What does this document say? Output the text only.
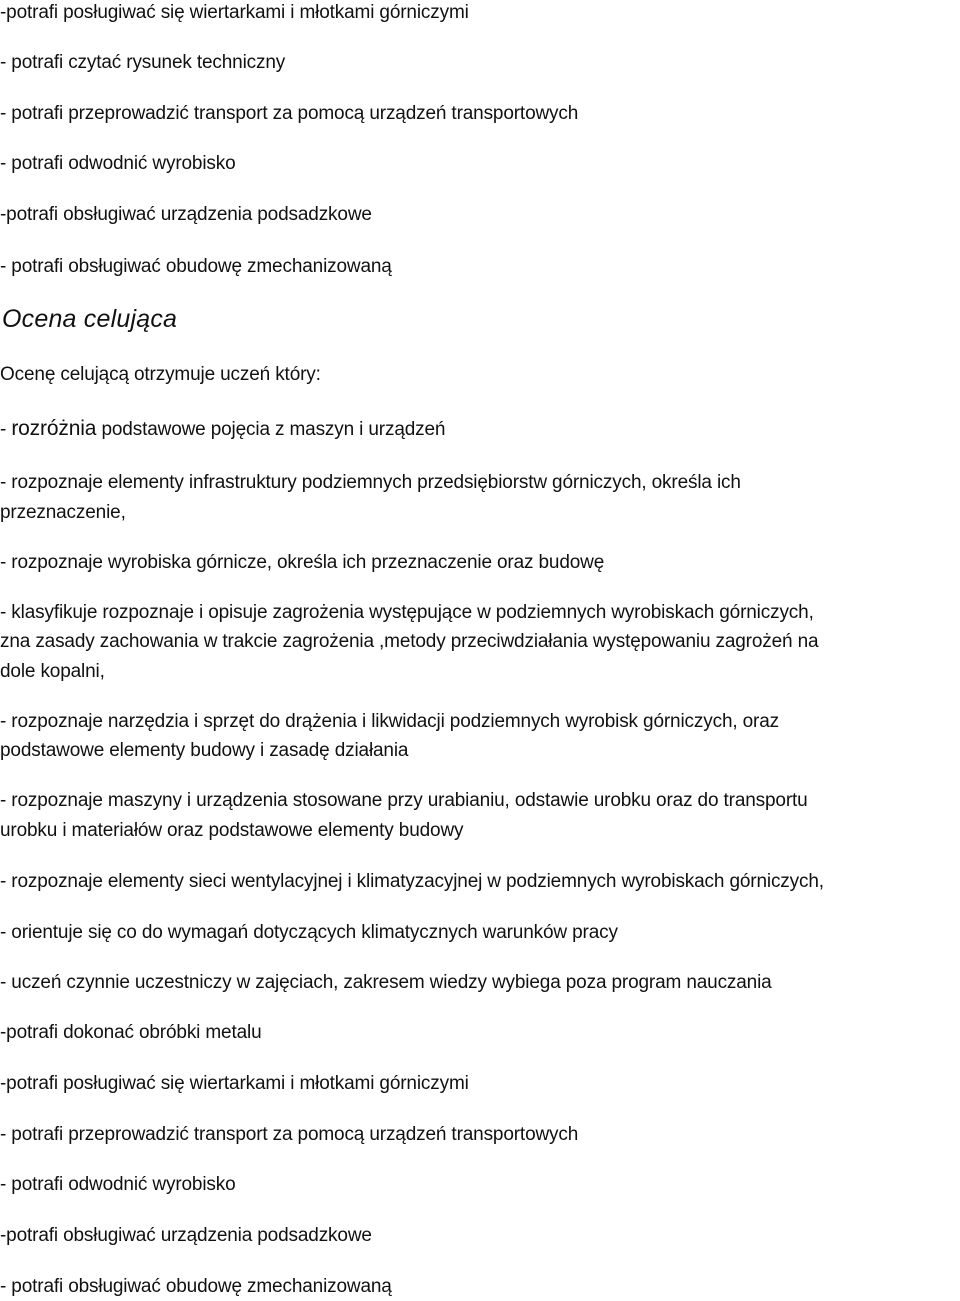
-potrafi posługiwać się wiertarkami i młotkami górniczymi
- potrafi czytać rysunek techniczny
- potrafi przeprowadzić transport za pomocą urządzeń transportowych
- potrafi odwodnić wyrobisko
-potrafi obsługiwać urządzenia podsadzkowe
- potrafi obsługiwać obudowę zmechanizowaną
Ocena celująca
Ocenę celującą otrzymuje uczeń który:
- rozróżnia podstawowe pojęcia z maszyn i urządzeń
- rozpoznaje elementy infrastruktury podziemnych przedsiębiorstw górniczych, określa ich
przeznaczenie,
- rozpoznaje wyrobiska górnicze, określa ich przeznaczenie oraz budowę
- klasyfikuje rozpoznaje i opisuje zagrożenia występujące w podziemnych wyrobiskach górniczych,
zna zasady zachowania w trakcie zagrożenia ,metody przeciwdziałania występowaniu zagrożeń na
dole kopalni,
- rozpoznaje narzędzia i sprzęt do drążenia i likwidacji podziemnych wyrobisk górniczych, oraz
podstawowe elementy budowy i zasadę działania
- rozpoznaje maszyny i urządzenia stosowane przy urabianiu, odstawie urobku oraz do transportu
urobku i materiałów oraz podstawowe elementy budowy
- rozpoznaje elementy sieci wentylacyjnej i klimatyzacyjnej w podziemnych wyrobiskach górniczych,
- orientuje się co do wymagań dotyczących klimatycznych warunków pracy
- uczeń czynnie uczestniczy w zajęciach, zakresem wiedzy wybiega poza program nauczania
-potrafi dokonać obróbki metalu
-potrafi posługiwać się wiertarkami i młotkami górniczymi
- potrafi przeprowadzić transport za pomocą urządzeń transportowych
- potrafi odwodnić wyrobisko
-potrafi obsługiwać urządzenia podsadzkowe
- potrafi obsługiwać obudowę zmechanizowaną
